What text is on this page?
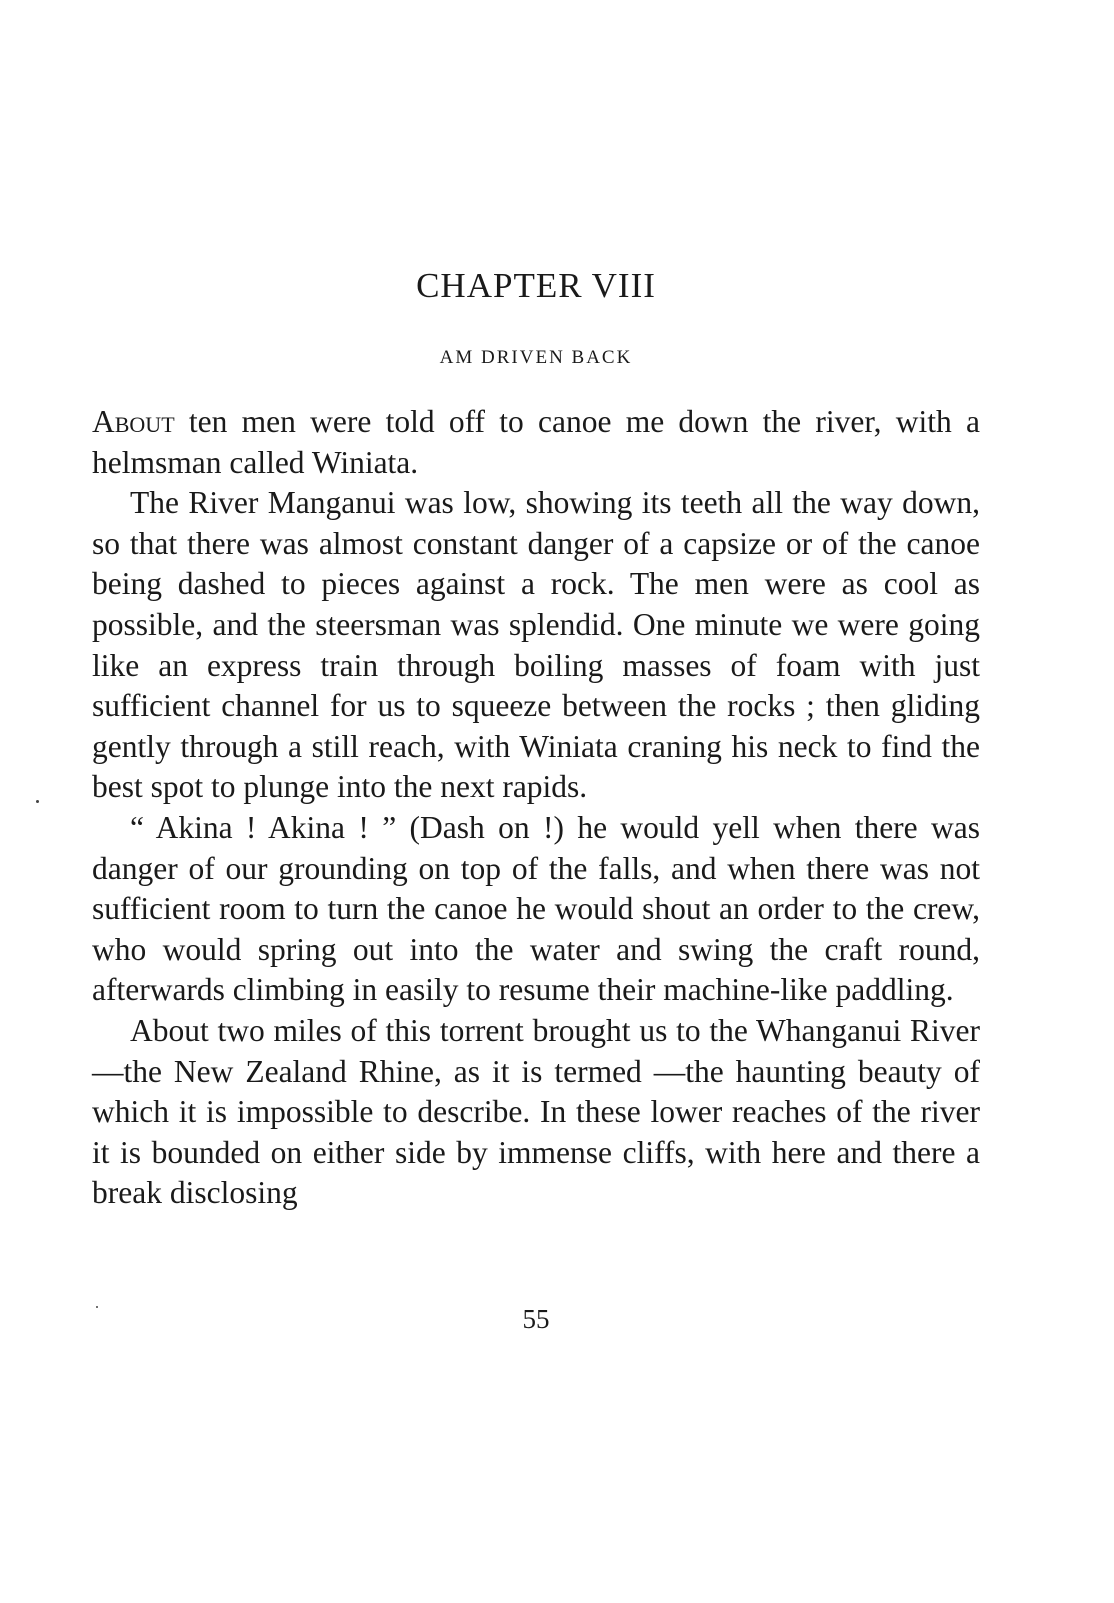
CHAPTER VIII
AM DRIVEN BACK

About ten men were told off to canoe me down the river, with a helmsman called Winiata.

The River Manganui was low, showing its teeth all the way down, so that there was almost constant danger of a capsize or of the canoe being dashed to pieces against a rock. The men were as cool as possible, and the steersman was splendid. One minute we were going like an express train through boiling masses of foam with just sufficient channel for us to squeeze between the rocks ; then gliding gently through a still reach, with Winiata craning his neck to find the best spot to plunge into the next rapids.

“ Akina ! Akina ! ” (Dash on !) he would yell when there was danger of our grounding on top of the falls, and when there was not sufficient room to turn the canoe he would shout an order to the crew, who would spring out into the water and swing the craft round, afterwards climbing in easily to resume their machine-like paddling.

About two miles of this torrent brought us to the Whanganui River—the New Zealand Rhine, as it is termed —the haunting beauty of which it is impossible to describe. In these lower reaches of the river it is bounded on either side by immense cliffs, with here and there a break disclosing

55
